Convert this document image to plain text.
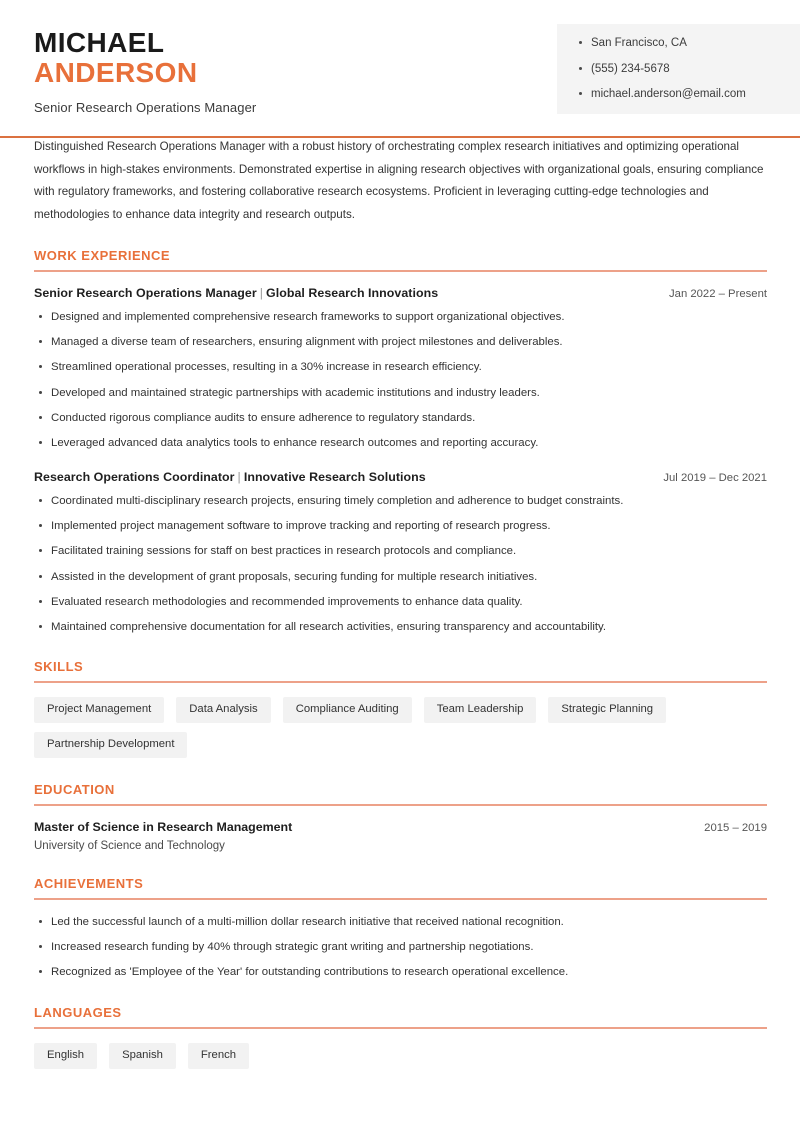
MICHAEL
ANDERSON
Senior Research Operations Manager
San Francisco, CA
(555) 234-5678
michael.anderson@email.com
Distinguished Research Operations Manager with a robust history of orchestrating complex research initiatives and optimizing operational workflows in high-stakes environments. Demonstrated expertise in aligning research objectives with organizational goals, ensuring compliance with regulatory frameworks, and fostering collaborative research ecosystems. Proficient in leveraging cutting-edge technologies and methodologies to enhance data integrity and research outputs.
WORK EXPERIENCE
Senior Research Operations Manager | Global Research Innovations	Jan 2022 – Present
Designed and implemented comprehensive research frameworks to support organizational objectives.
Managed a diverse team of researchers, ensuring alignment with project milestones and deliverables.
Streamlined operational processes, resulting in a 30% increase in research efficiency.
Developed and maintained strategic partnerships with academic institutions and industry leaders.
Conducted rigorous compliance audits to ensure adherence to regulatory standards.
Leveraged advanced data analytics tools to enhance research outcomes and reporting accuracy.
Research Operations Coordinator | Innovative Research Solutions	Jul 2019 – Dec 2021
Coordinated multi-disciplinary research projects, ensuring timely completion and adherence to budget constraints.
Implemented project management software to improve tracking and reporting of research progress.
Facilitated training sessions for staff on best practices in research protocols and compliance.
Assisted in the development of grant proposals, securing funding for multiple research initiatives.
Evaluated research methodologies and recommended improvements to enhance data quality.
Maintained comprehensive documentation for all research activities, ensuring transparency and accountability.
SKILLS
Project Management	Data Analysis	Compliance Auditing	Team Leadership	Strategic Planning
Partnership Development
EDUCATION
Master of Science in Research Management	2015 – 2019
University of Science and Technology
ACHIEVEMENTS
Led the successful launch of a multi-million dollar research initiative that received national recognition.
Increased research funding by 40% through strategic grant writing and partnership negotiations.
Recognized as 'Employee of the Year' for outstanding contributions to research operational excellence.
LANGUAGES
English	Spanish	French
